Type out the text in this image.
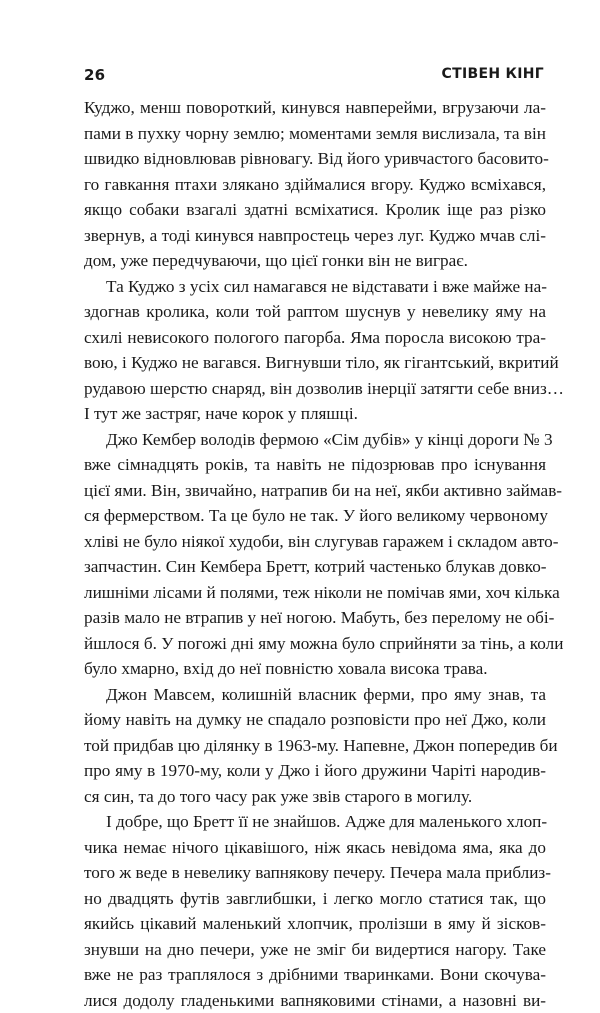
26	СТІВЕН КІНГ
Куджо, менш повороткий, кинувся навперейми, вгрузаючи ла-
пами в пухку чорну землю; моментами земля вислизала, та він
швидко відновлював рівновагу. Від його уривчастого басовито-
го гавкання птахи злякано здіймалися вгору. Куджо всміхався,
якщо собаки взагалі здатні всміхатися. Кролик іще раз різко
звернув, а тоді кинувся навпростець через луг. Куджо мчав слі-
дом, уже передчуваючи, що цієї гонки він не виграє.
Та Куджо з усіх сил намагався не відставати і вже майже на-
здогнав кролика, коли той раптом шуснув у невелику яму на
схилі невисокого пологого пагорба. Яма поросла високою тра-
вою, і Куджо не вагався. Вигнувши тіло, як гігантський, вкритий
рудавою шерстю снаряд, він дозволив інерції затягти себе вниз…
І тут же застряг, наче корок у пляшці.
Джо Кембер володів фермою «Сім дубів» у кінці дороги № 3
вже сімнадцять років, та навіть не підозрював про існування
цієї ями. Він, звичайно, натрапив би на неї, якби активно займав-
ся фермерством. Та це було не так. У його великому червоному
хліві не було ніякої худоби, він слугував гаражем і складом авто-
запчастин. Син Кембера Бретт, котрий частенько блукав довко-
лишніми лісами й полями, теж ніколи не помічав ями, хоч кілька
разів мало не втрапив у неї ногою. Мабуть, без перелому не обі-
йшлося б. У погожі дні яму можна було сприйняти за тінь, а коли
було хмарно, вхід до неї повністю ховала висока трава.
Джон Мавсем, колишній власник ферми, про яму знав, та
йому навіть на думку не спадало розповісти про неї Джо, коли
той придбав цю ділянку в 1963-му. Напевне, Джон попередив би
про яму в 1970-му, коли у Джо і його дружини Чаріті народив-
ся син, та до того часу рак уже звів старого в могилу.
І добре, що Бретт її не знайшов. Адже для маленького хлоп-
чика немає нічого цікавішого, ніж якась невідома яма, яка до
того ж веде в невелику вапнякову печеру. Печера мала приблиз-
но двадцять футів завглибшки, і легко могло статися так, що
якийсь цікавий маленький хлопчик, пролізши в яму й зісков-
знувши на дно печери, уже не зміг би видертися нагору. Таке
вже не раз траплялося з дрібними тваринками. Вони скочува-
лися додолу гладенькими вапняковими стінами, а назовні ви-
